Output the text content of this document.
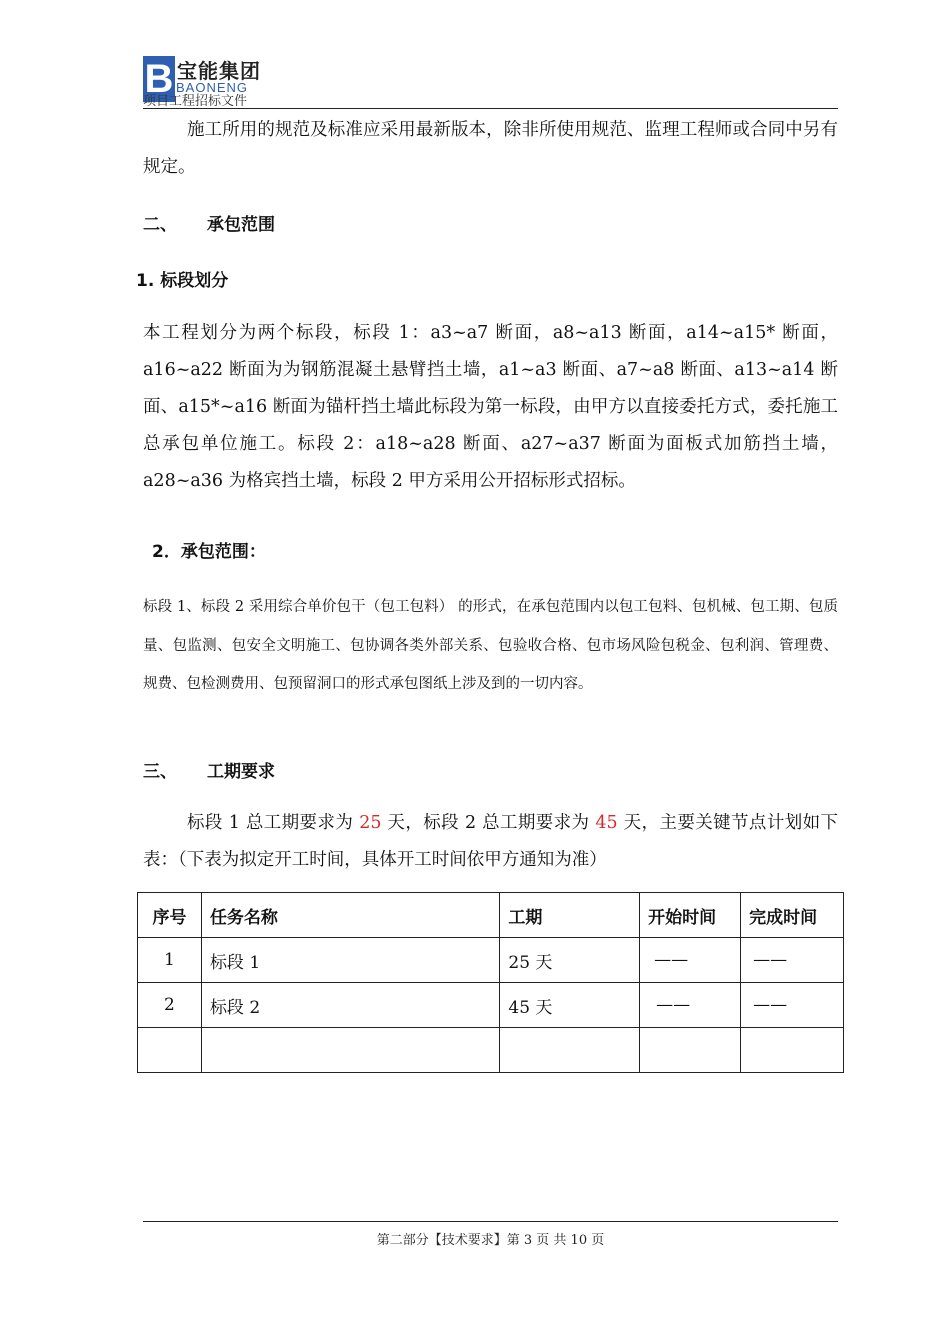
B 宝能集团
BAONENG
项目工程招标文件
施工所用的规范及标准应采用最新版本，除非所使用规范、监理工程师或合同中另有规定。
二、 承包范围
1. 标段划分
本工程划分为两个标段，标段 1：a3~a7 断面，a8~a13 断面，a14~a15* 断面，a16~a22 断面为为钢筋混凝土悬臂挡土墙，a1~a3 断面、a7~a8 断面、a13~a14 断面、a15*~a16 断面为锚杆挡土墙此标段为第一标段，由甲方以直接委托方式，委托施工总承包单位施工。标段 2：a18~a28 断面、a27~a37 断面为面板式加筋挡土墙，a28~a36 为格宾挡土墙，标段 2 甲方采用公开招标形式招标。
2．承包范围：
标段 1、标段 2 采用综合单价包干（包工包料） 的形式，在承包范围内以包工包料、包机械、包工期、包质量、包监测、包安全文明施工、包协调各类外部关系、包验收合格、包市场风险包税金、包利润、管理费、规费、包检测费用、包预留洞口的形式承包图纸上涉及到的一切内容。
三、 工期要求
标段 1 总工期要求为 25 天，标段 2 总工期要求为 45 天，主要关键节点计划如下表：（下表为拟定开工时间，具体开工时间依甲方通知为准）
序号	任务名称	工期	开始时间	完成时间
1	标段 1	25 天	——	——
2	标段 2	45 天	——	——

第二部分【技术要求】第 3 页 共 10 页
